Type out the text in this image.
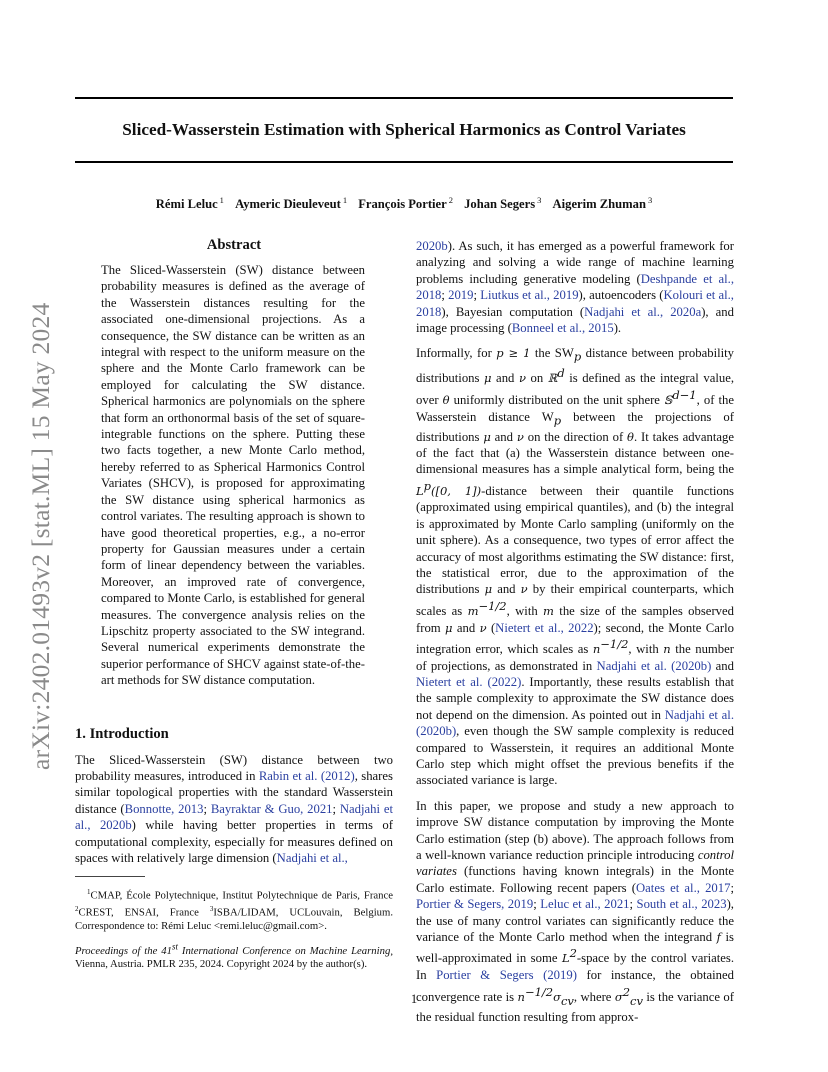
arXiv:2402.01493v2 [stat.ML] 15 May 2024
Sliced-Wasserstein Estimation with Spherical Harmonics as Control Variates
Rémi Leluc $^1$ Aymeric Dieuleveut $^1$ François Portier $^2$ Johan Segers $^3$ Aigerim Zhuman $^3$
Abstract

The Sliced-Wasserstein (SW) distance between probability measures is defined as the average of the Wasserstein distances resulting for the associated one-dimensional projections. As a consequence, the SW distance can be written as an integral with respect to the uniform measure on the sphere and the Monte Carlo framework can be employed for calculating the SW distance. Spherical harmonics are polynomials on the sphere that form an orthonormal basis of the set of square-integrable functions on the sphere. Putting these two facts together, a new Monte Carlo method, hereby referred to as Spherical Harmonics Control Variates (SHCV), is proposed for approximating the SW distance using spherical harmonics as control variates. The resulting approach is shown to have good theoretical properties, e.g., a no-error property for Gaussian measures under a certain form of linear dependency between the variables. Moreover, an improved rate of convergence, compared to Monte Carlo, is established for general measures. The convergence analysis relies on the Lipschitz property associated to the SW integrand. Several numerical experiments demonstrate the superior performance of SHCV against state-of-the-art methods for SW distance computation.

1. Introduction

The Sliced-Wasserstein (SW) distance between two probability measures, introduced in Rabin et al. (2012), shares similar topological properties with the standard Wasserstein distance (Bonnotte, 2013; Bayraktar & Guo, 2021; Nadjahi et al., 2020b) while having better properties in terms of computational complexity, especially for measures defined on spaces with relatively large dimension (Nadjahi et al.,

$^1$CMAP, École Polytechnique, Institut Polytechnique de Paris, France $^2$CREST, ENSAI, France $^3$ISBA/LIDAM, UCLouvain, Belgium. Correspondence to: Rémi Leluc <remi.leluc@gmail.com>.
Proceedings of the 41st International Conference on Machine Learning, Vienna, Austria. PMLR 235, 2024. Copyright 2024 by the author(s).

2020b). As such, it has emerged as a powerful framework for analyzing and solving a wide range of machine learning problems including generative modeling (Deshpande et al., 2018; 2019; Liutkus et al., 2019), autoencoders (Kolouri et al., 2018), Bayesian computation (Nadjahi et al., 2020a), and image processing (Bonneel et al., 2015).

Informally, for p ≥ 1 the $SW_p$ distance between probability distributions μ and ν on ℝ$^d$ is defined as the integral value, over θ uniformly distributed on the unit sphere 𝕊$^{d-1}$, of the Wasserstein distance $W_p$ between the projections of distributions μ and ν on the direction of θ. It takes advantage of the fact that (a) the Wasserstein distance between one-dimensional measures has a simple analytical form, being the $L^p([0$, 1])-distance between their quantile functions (approximated using empirical quantiles), and (b) the integral is approximated by Monte Carlo sampling (uniformly on the unit sphere). As a consequence, two types of error affect the accuracy of most algorithms estimating the SW distance: first, the statistical error, due to the approximation of the distributions μ and ν by their empirical counterparts, which scales as $m^{-1/2}$, with m the size of the samples observed from μ and ν (Nietert et al., 2022); second, the Monte Carlo integration error, which scales as $n^{-1/2}$, with n the number of projections, as demonstrated in Nadjahi et al. (2020b) and Nietert et al. (2022). Importantly, these results establish that the sample complexity to approximate the SW distance does not depend on the dimension. As pointed out in Nadjahi et al. (2020b), even though the SW sample complexity is reduced compared to Wasserstein, it requires an additional Monte Carlo step which might offset the previous benefits if the associated variance is large.

In this paper, we propose and study a new approach to improve SW distance computation by improving the Monte Carlo estimation (step (b) above). The approach follows from a well-known variance reduction principle introducing control variates (functions having known integrals) in the Monte Carlo estimate. Following recent papers (Oates et al., 2017; Portier & Segers, 2019; Leluc et al., 2021; South et al., 2023), the use of many control variates can significantly reduce the variance of the Monte Carlo method when the integrand f is well-approximated in some $L^2$-space by the control variates. In Portier & Segers (2019) for instance, the obtained convergence rate is $n^{-1/2}\sigma_{cv}$, where $\sigma^2_{cv}$ is the variance of the residual function resulting from approx-

1
